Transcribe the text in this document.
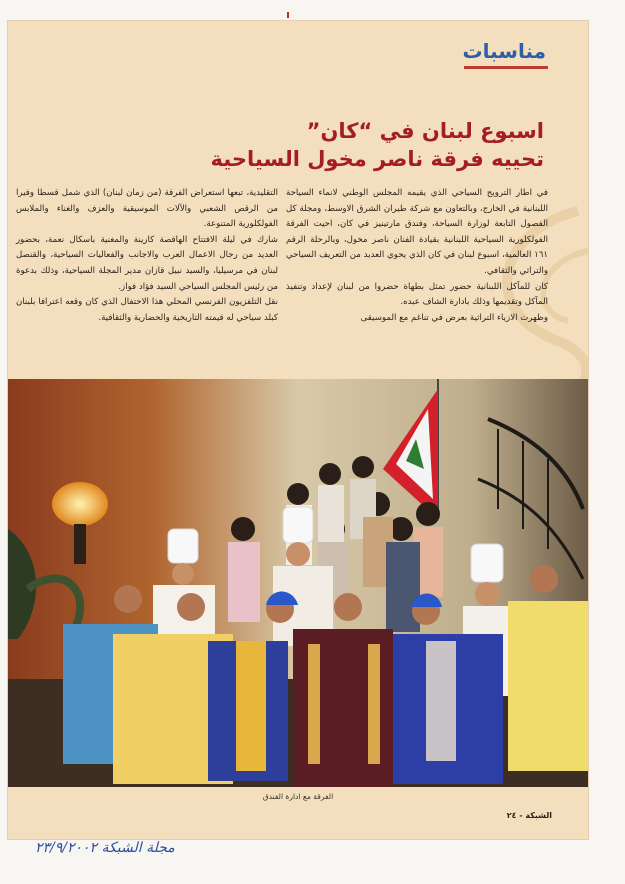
مناسبات
اسبوع لبنان في “كان”
تحييه فرقة ناصر مخول السياحية

في اطار الترويج السياحي الذي يقيمه المجلس الوطني لانماء السياحة اللبنانية في الخارج، وبالتعاون مع شركة طيران الشرق الاوسط، ومجلة كل الفصول التابعة لوزارة السياحة، وفندق مارتينيز في كان، احيت الفرقة الفولكلورية السياحية اللبنانية بقيادة الفنان ناصر مخول، وبالرحلة الرقم ١٦١ العالمية، اسبوع لبنان في كان الذي يحوي العديد من التعريف السياحي والتراثي والثقافي.

كان للمآكل اللبنانية حضور تمثل بطهاة حضروا من لبنان لإعداد وتنفيذ المآكل وتقديمها وذلك بادارة الشاف عبده.

وظهرت الازياء التراثية بعرض في تناغم مع الموسيقى

التقليدية، تبعها استعراض الفرقة (من زمان لبنان) الذي شمل قسطا وفيرا من الرقص الشعبي والآلات الموسيقية والعزف والغناء والملابس الفولكلورية المتنوعة.

شارك في ليلة الافتتاح الهاقصة كارينة والمغنية باسكال نعمة، بحضور العديد من رجال الاعمال العرب والاجانب والفعاليات السياحية، والقنصل لبنان في مرسيليا، والسيد نبيل قازان مدير المجلة السياحية، وذلك بدعوة من رئيس المجلس السياحي السيد فؤاد فواز.

نقل التلفزيون الفرنسي المحلي هذا الاحتفال الذي كان وقعه اعترافا بلبنان كبلد سياحي له قيمته التاريخية والحضارية والثقافية.

الفرقة مع ادارة الفندق
الشبكة - ٢٤
مجلة الشبكة ٢٣/٩/٢٠٠٢
